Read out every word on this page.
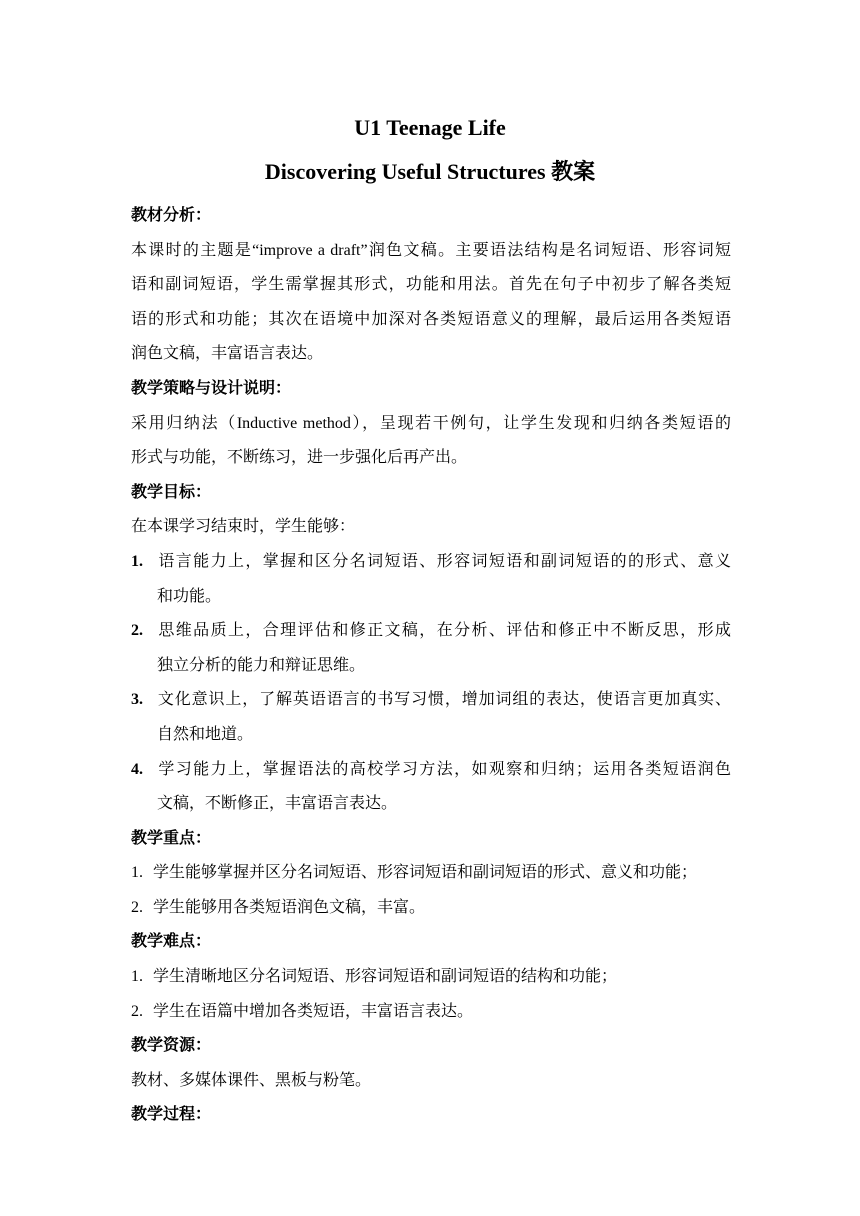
U1 Teenage Life
Discovering Useful Structures 教案

教材分析：

本课时的主题是“improve a draft”润色文稿。主要语法结构是名词短语、形容词短

语和副词短语，学生需掌握其形式，功能和用法。首先在句子中初步了解各类短

语的形式和功能；其次在语境中加深对各类短语意义的理解，最后运用各类短语

润色文稿，丰富语言表达。

教学策略与设计说明：

采用归纳法（Inductive method），呈现若干例句，让学生发现和归纳各类短语的

形式与功能，不断练习，进一步强化后再产出。

教学目标：

在本课学习结束时，学生能够：

1. 语言能力上，掌握和区分名词短语、形容词短语和副词短语的的形式、意义

和功能。

2. 思维品质上，合理评估和修正文稿，在分析、评估和修正中不断反思，形成

独立分析的能力和辩证思维。

3. 文化意识上，了解英语语言的书写习惯，增加词组的表达，使语言更加真实、

自然和地道。

4. 学习能力上，掌握语法的高校学习方法，如观察和归纳；运用各类短语润色

文稿，不断修正，丰富语言表达。

教学重点：

1. 学生能够掌握并区分名词短语、形容词短语和副词短语的形式、意义和功能；

2. 学生能够用各类短语润色文稿，丰富。

教学难点：

1. 学生清晰地区分名词短语、形容词短语和副词短语的结构和功能；

2. 学生在语篇中增加各类短语，丰富语言表达。

教学资源：

教材、多媒体课件、黑板与粉笔。

教学过程：
